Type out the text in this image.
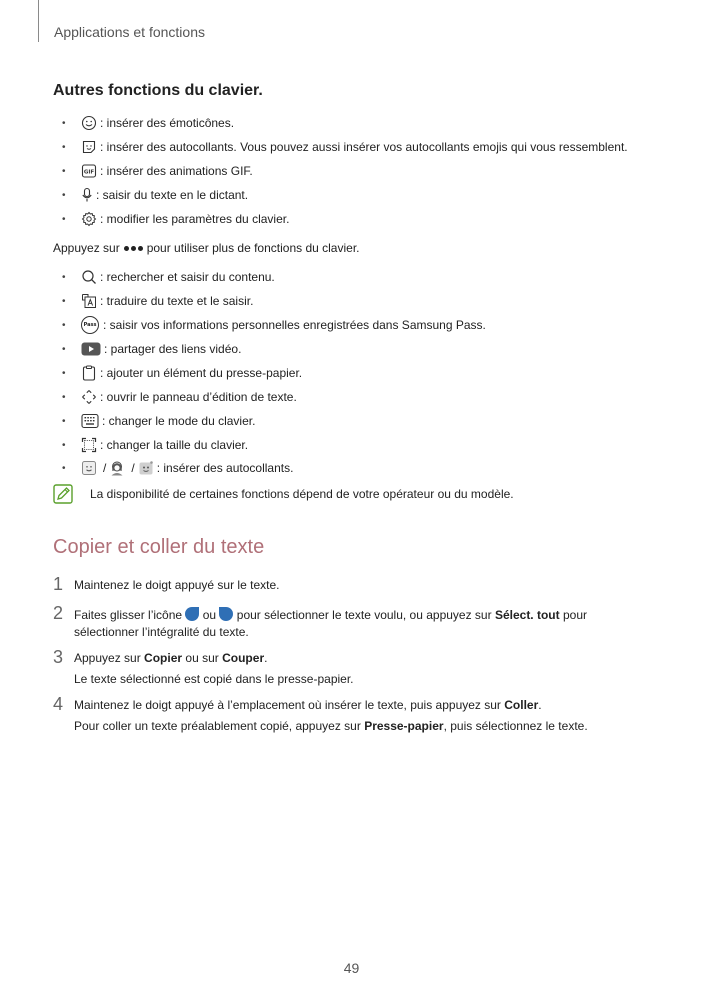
Applications et fonctions
Autres fonctions du clavier.
•	: insérer des émoticônes.
•	: insérer des autocollants. Vous pouvez aussi insérer vos autocollants emojis qui vous ressemblent.
•	GIF : insérer des animations GIF.
•	: saisir du texte en le dictant.
•	: modifier les paramètres du clavier.
Appuyez sur pour utiliser plus de fonctions du clavier.
•	: rechercher et saisir du contenu.
•	: traduire du texte et le saisir.
•	Pass : saisir vos informations personnelles enregistrées dans Samsung Pass.
•	: partager des liens vidéo.
•	: ajouter un élément du presse-papier.
•	: ouvrir le panneau d’édition de texte.
•	: changer le mode du clavier.
•	: changer la taille du clavier.
•	/ / : insérer des autocollants.
La disponibilité de certaines fonctions dépend de votre opérateur ou du modèle.
Copier et coller du texte
1 Maintenez le doigt appuyé sur le texte.
2 Faites glisser l’icône ou pour sélectionner le texte voulu, ou appuyez sur Sélect. tout pour
sélectionner l’intégralité du texte.
3 Appuyez sur Copier ou sur Couper.
Le texte sélectionné est copié dans le presse-papier.
4 Maintenez le doigt appuyé à l’emplacement où insérer le texte, puis appuyez sur Coller.
Pour coller un texte préalablement copié, appuyez sur Presse-papier, puis sélectionnez le texte.
49
